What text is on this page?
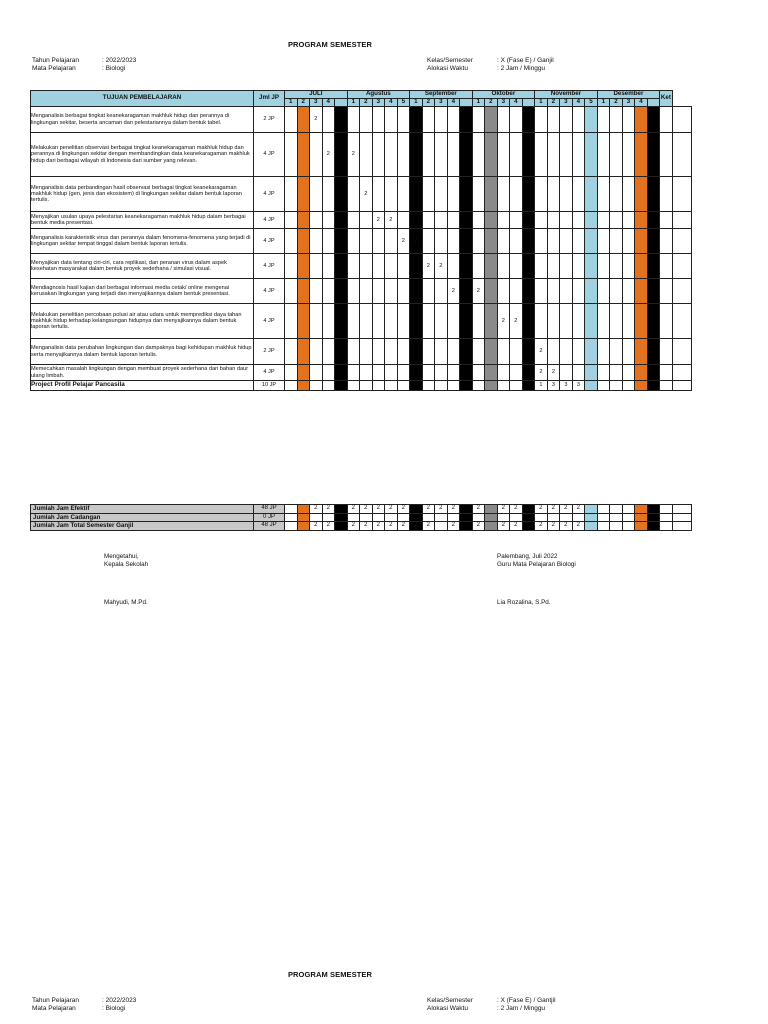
PROGRAM SEMESTER
Tahun Pelajaran	: 2022/2023
Mata Pelajaran	: Biologi
Kelas/Semester	: X (Fase E) / Ganjil
Alokasi Waktu	: 2 Jam / Minggu
TUJUAN PEMBELAJARAN	Jml JP	JULI					Agustus					September					Oktober					November					Desember					Ket	
		1	2	3	4		1	2	3	4	5	1	2	3	4		1	2	3	4		1	2	3	4	5	1	2	3	4			
Menganalisis berbagai tingkat keanekaragaman makhluk hidup dan perannya di lingkungan sekitar, beserta ancaman dan pelestariannya dalam bentuk tabel.	2 JP			2																													
Melakukan penelitian observasi berbagai tingkat keanekaragaman makhluk hidup dan perannya di lingkungan sekitar dengan membandingkan data keanekaragaman makhluk hidup dari berbagai wilayah di Indonesia dari sumber yang relevan.	4 JP				2		2																										
Menganalisis data perbandingan hasil observasi berbagai tingkat keanekaragaman makhluk hidup (gen, jenis dan ekosistem) di lingkungan sekitar dalam bentuk laporan tertulis.	4 JP							2																									
Menyajikan usulan upaya pelestarian keanekaragaman makhluk hidup dalam berbagai bentuk media presentasi.	4 JP								2	2																							
Menganalisis karakteristik virus dan perannya dalam fenomena-fenomena yang terjadi di lingkungan sekitar tempat tinggal dalam bentuk laporan tertulis.	4 JP										2	2																					
Menyajikan data tentang ciri-ciri, cara replikasi, dan peranan virus dalam aspek kesehatan masyarakat dalam bentuk proyek sederhana / simulasi visual.	4 JP												2	2																			
Mendiagnosis hasil kajian dari berbagai informasi media cetak/ online mengenai kerusakan lingkungan yang terjadi dan menyajikannya dalam bentuk presentasi.	4 JP														2		2																
Melakukan penelitian percobaan polusi air atau udara untuk memprediksi daya tahan makhluk hidup terhadap kelangsungan hidupnya dan menyajikannya dalam bentuk laporan tertulis.	4 JP																		2	2													
Menganalisis data perubahan lingkungan dan dampaknya bagi kehidupan makhluk hidup serta menyajikannya dalam bentuk laporan tertulis.	2 JP																					2											
Memecahkan masalah lingkungan dengan membuat proyek sederhana dari bahan daur ulang limbah.	4 JP																					2	2										
Project Profil Pelajar Pancasila	10 JP																					1	3	3	3								
Jumlah Jam Efektif	48 JP			2	2		2	2	2	2	2	2	2	2	2		2		2	2		2	2	2	2								
Jumlah Jam Cadangan	0 JP																																
Jumlah Jam Total Semester Ganjil	48 JP			2	2		2	2	2	2	2	2	2		2		2		2	2		2	2	2	2								
Mengetahui,
Kepala Sekolah
Mahyudi, M.Pd.
Palembang, Juli 2022
Guru Mata Pelajaran Biologi
Lia Rozalina, S.Pd.
PROGRAM SEMESTER
Tahun Pelajaran	: 2022/2023
Mata Pelajaran	: Biologi
Kelas/Semester	: X (Fase E) / Gantjil
Alokasi Waktu	: 2 Jam / Minggu
